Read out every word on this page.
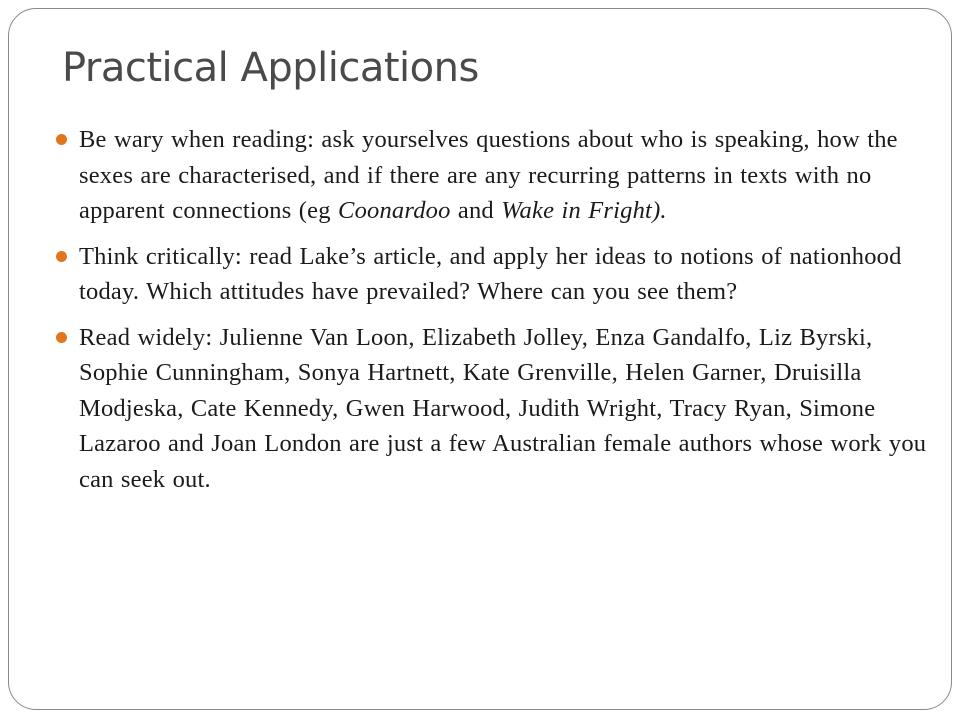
Practical Applications
Be wary when reading: ask yourselves questions about who is speaking, how the sexes are characterised, and if there are any recurring patterns in texts with no apparent connections (eg Coonardoo and Wake in Fright).
Think critically: read Lake’s article, and apply her ideas to notions of nationhood today. Which attitudes have prevailed? Where can you see them?
Read widely: Julienne Van Loon, Elizabeth Jolley, Enza Gandalfo, Liz Byrski, Sophie Cunningham, Sonya Hartnett, Kate Grenville, Helen Garner, Druisilla Modjeska, Cate Kennedy, Gwen Harwood, Judith Wright, Tracy Ryan, Simone Lazaroo and Joan London are just a few Australian female authors whose work you can seek out.
